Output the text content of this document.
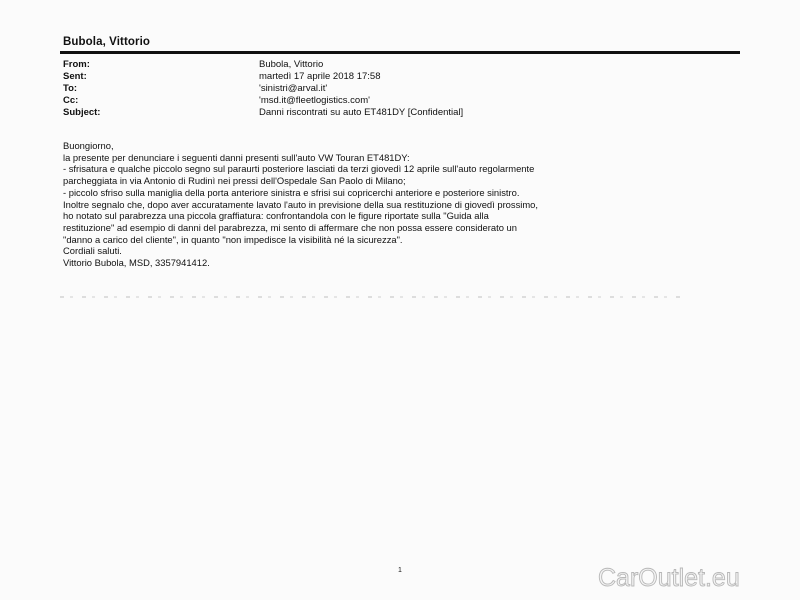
Bubola, Vittorio
From:	Bubola, Vittorio
Sent:	martedì 17 aprile 2018 17:58
To:	'sinistri@arval.it'
Cc:	'msd.it@fleetlogistics.com'
Subject:	Danni riscontrati su auto ET481DY [Confidential]
Buongiorno,
la presente per denunciare i seguenti danni presenti sull'auto VW Touran ET481DY:
- sfrisatura e qualche piccolo segno sul paraurti posteriore lasciati da terzi giovedì 12 aprile sull'auto regolarmente
parcheggiata in via Antonio di Rudinì nei pressi dell'Ospedale San Paolo di Milano;
- piccolo sfriso sulla maniglia della porta anteriore sinistra e sfrisi sui copricerchi anteriore e posteriore sinistro.
Inoltre segnalo che, dopo aver accuratamente lavato l'auto in previsione della sua restituzione di giovedì prossimo,
ho notato sul parabrezza una piccola graffiatura: confrontandola con le figure riportate sulla "Guida alla
restituzione" ad esempio di danni del parabrezza, mi sento di affermare che non possa essere considerato un
"danno a carico del cliente", in quanto "non impedisce la visibilità né la sicurezza".
Cordiali saluti.
Vittorio Bubola, MSD, 3357941412.
1	CarOutlet.eu
